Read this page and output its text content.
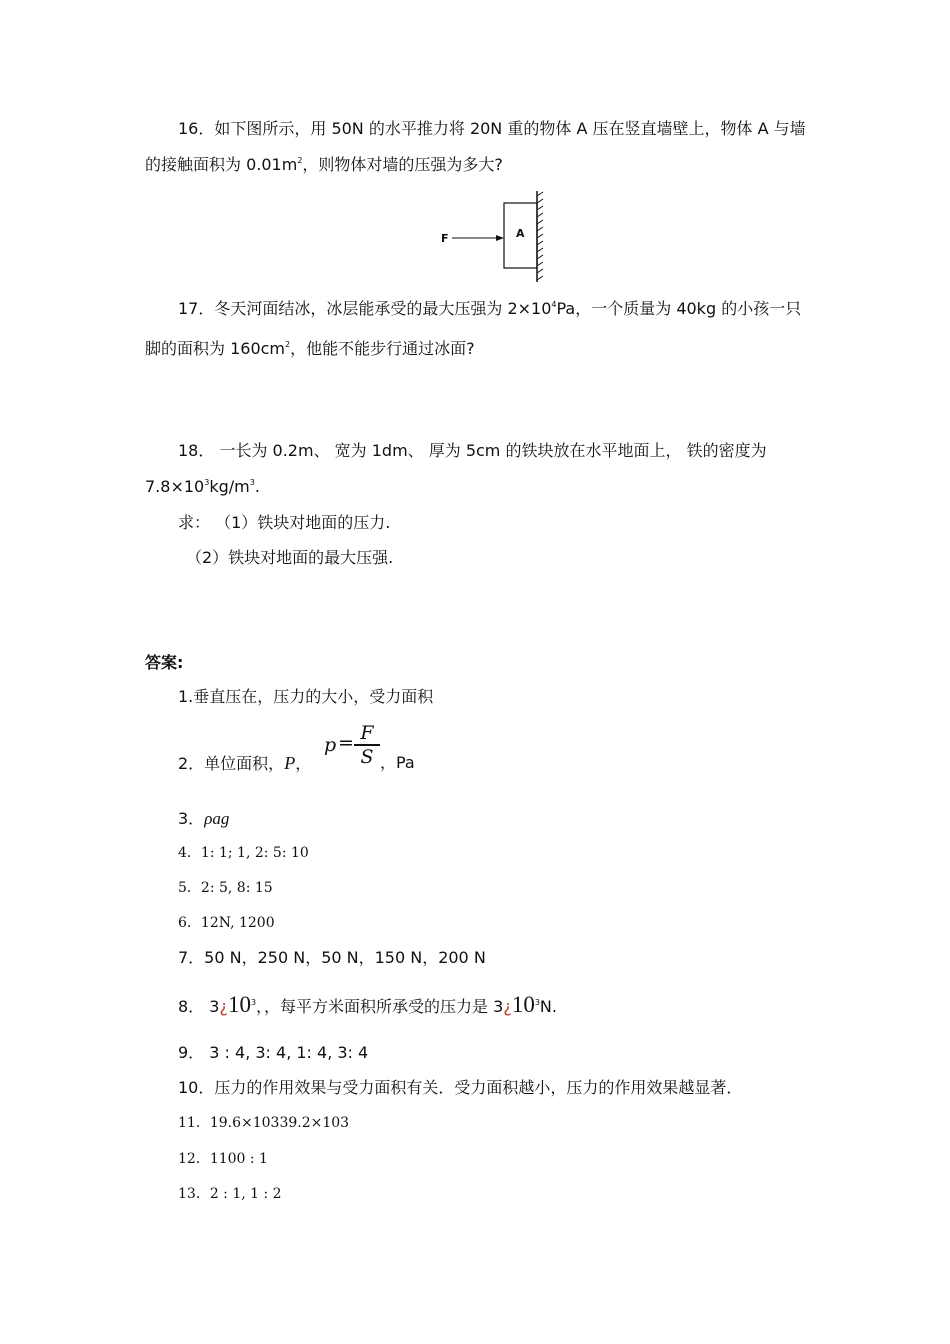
16．如下图所示，用 50N 的水平推力将 20N 重的物体 A 压在竖直墙壁上，物体 A 与墙
的接触面积为 $0.01m^2$，则物体对墙的压强为多大?
F	A
17．冬天河面结冰，冰层能承受的最大压强为 $2\times 10^4Pa$，一个质量为 40kg 的小孩一只
脚的面积为 $160cm^2$，他能不能步行通过冰面?
18． 一长为 0.2m、 宽为 1dm、 厚为 5cm 的铁块放在水平地面上， 铁的密度为
$7.8\times 10^3kg/m^3$.
求： （1）铁块对地面的压力.
（2）铁块对地面的最大压强.
答案:
1.垂直压在，压力的大小，受力面积
2．单位面积，P，
p = F
S ，Pa
3．ρag
4．1: 1; 1, 2: 5: 10
5．2: 5, 8: 15
6．12N, 1200
7．50 N，250 N，50 N，150 N，200 N
8． $3¿10^3$，，每平方米面积所承受的压力是 $3¿10^3N$.
9． 3 : 4, 3: 4, 1: 4, 3: 4
10．压力的作用效果与受力面积有关．受力面积越小，压力的作用效果越显著．
11．19.6×10339.2×103
12．1100 : 1
13．2 : 1, 1 : 2
